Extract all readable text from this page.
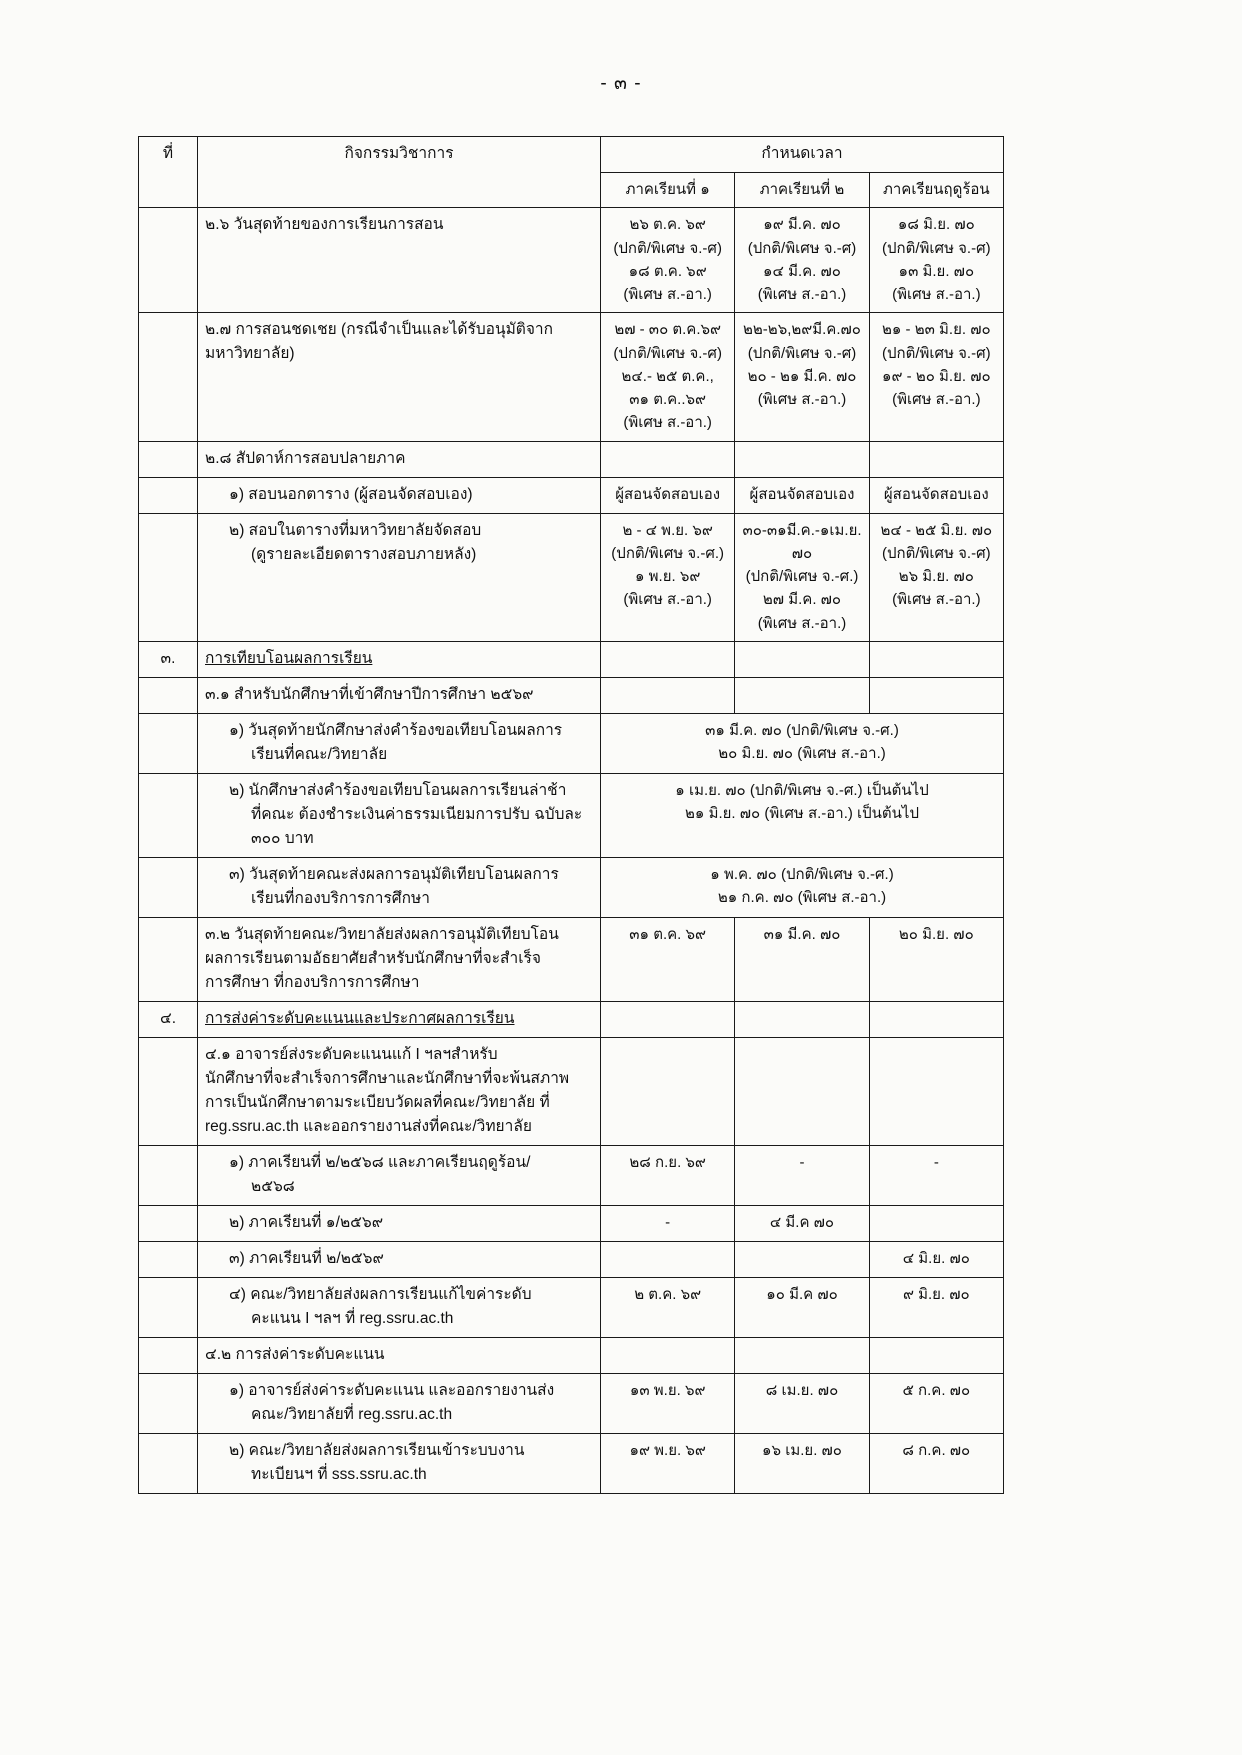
- ๓ -
ที่	กิจกรรมวิชาการ	กำหนดเวลา		
		ภาคเรียนที่ ๑	ภาคเรียนที่ ๒	ภาคเรียนฤดูร้อน

	๒.๖ วันสุดท้ายของการเรียนการสอน	๒๖ ต.ค. ๖๙
(ปกติ/พิเศษ จ.-ศ)
๑๘ ต.ค. ๖๙
(พิเศษ ส.-อา.)	๑๙ มี.ค. ๗๐
(ปกติ/พิเศษ จ.-ศ)
๑๔ มี.ค. ๗๐
(พิเศษ ส.-อา.)	๑๘ มิ.ย. ๗๐
(ปกติ/พิเศษ จ.-ศ)
๑๓ มิ.ย. ๗๐
(พิเศษ ส.-อา.)

	๒.๗ การสอนชดเชย (กรณีจำเป็นและได้รับอนุมัติจาก
มหาวิทยาลัย)	๒๗ - ๓๐ ต.ค.๖๙
(ปกติ/พิเศษ จ.-ศ)
๒๔.- ๒๕ ต.ค.,
๓๑ ต.ค..๖๙
(พิเศษ ส.-อา.)	๒๒-๒๖,๒๙มี.ค.๗๐
(ปกติ/พิเศษ จ.-ศ)
๒๐ - ๒๑ มี.ค. ๗๐
(พิเศษ ส.-อา.)	๒๑ - ๒๓ มิ.ย. ๗๐
(ปกติ/พิเศษ จ.-ศ)
๑๙ - ๒๐ มิ.ย. ๗๐
(พิเศษ ส.-อา.)

	๒.๘ สัปดาห์การสอบปลายภาค			

	๑) สอบนอกตาราง (ผู้สอนจัดสอบเอง)	ผู้สอนจัดสอบเอง	ผู้สอนจัดสอบเอง	ผู้สอนจัดสอบเอง

	๒) สอบในตารางที่มหาวิทยาลัยจัดสอบ
(ดูรายละเอียดตารางสอบภายหลัง)	๒ - ๔ พ.ย. ๖๙
(ปกติ/พิเศษ จ.-ศ.)
๑ พ.ย. ๖๙
(พิเศษ ส.-อา.)	๓๐-๓๑มี.ค.-๑เม.ย.
๗๐
(ปกติ/พิเศษ จ.-ศ.)
๒๗ มี.ค. ๗๐
(พิเศษ ส.-อา.)	๒๔ - ๒๕ มิ.ย. ๗๐
(ปกติ/พิเศษ จ.-ศ)
๒๖ มิ.ย. ๗๐
(พิเศษ ส.-อา.)

๓.	การเทียบโอนผลการเรียน			

	๓.๑ สำหรับนักศึกษาที่เข้าศึกษาปีการศึกษา ๒๕๖๙			

	๑) วันสุดท้ายนักศึกษาส่งคำร้องขอเทียบโอนผลการ
เรียนที่คณะ/วิทยาลัย	๓๑ มี.ค. ๗๐ (ปกติ/พิเศษ จ.-ศ.)
๒๐ มิ.ย. ๗๐ (พิเศษ ส.-อา.)		

	๒) นักศึกษาส่งคำร้องขอเทียบโอนผลการเรียนล่าช้า
ที่คณะ ต้องชำระเงินค่าธรรมเนียมการปรับ ฉบับละ
๓๐๐ บาท	๑ เม.ย. ๗๐ (ปกติ/พิเศษ จ.-ศ.) เป็นต้นไป
๒๑ มิ.ย. ๗๐ (พิเศษ ส.-อา.) เป็นต้นไป		

	๓) วันสุดท้ายคณะส่งผลการอนุมัติเทียบโอนผลการ
เรียนที่กองบริการการศึกษา	๑ พ.ค. ๗๐ (ปกติ/พิเศษ จ.-ศ.)
๒๑ ก.ค. ๗๐ (พิเศษ ส.-อา.)		

	๓.๒ วันสุดท้ายคณะ/วิทยาลัยส่งผลการอนุมัติเทียบโอน
ผลการเรียนตามอัธยาศัยสำหรับนักศึกษาที่จะสำเร็จ
การศึกษา ที่กองบริการการศึกษา	๓๑ ต.ค. ๖๙	๓๑ มี.ค. ๗๐	๒๐ มิ.ย. ๗๐

๔.	การส่งค่าระดับคะแนนและประกาศผลการเรียน			

	๔.๑ อาจารย์ส่งระดับคะแนนแก้ I ฯลฯสำหรับ
นักศึกษาที่จะสำเร็จการศึกษาและนักศึกษาที่จะพ้นสภาพ
การเป็นนักศึกษาตามระเบียบวัดผลที่คณะ/วิทยาลัย ที่
reg.ssru.ac.th และออกรายงานส่งที่คณะ/วิทยาลัย			

	๑) ภาคเรียนที่ ๒/๒๕๖๘ และภาคเรียนฤดูร้อน/
๒๕๖๘	๒๘ ก.ย. ๖๙	-	-

	๒) ภาคเรียนที่ ๑/๒๕๖๙	-	๔ มี.ค ๗๐	

	๓) ภาคเรียนที่ ๒/๒๕๖๙			๔ มิ.ย. ๗๐

	๔) คณะ/วิทยาลัยส่งผลการเรียนแก้ไขค่าระดับ
คะแนน I ฯลฯ ที่ reg.ssru.ac.th	๒ ต.ค. ๖๙	๑๐ มี.ค ๗๐	๙ มิ.ย. ๗๐

	๔.๒ การส่งค่าระดับคะแนน			

	๑) อาจารย์ส่งค่าระดับคะแนน และออกรายงานส่ง
คณะ/วิทยาลัยที่ reg.ssru.ac.th	๑๓ พ.ย. ๖๙	๘ เม.ย. ๗๐	๕ ก.ค. ๗๐

	๒) คณะ/วิทยาลัยส่งผลการเรียนเข้าระบบงาน
ทะเบียนฯ ที่ sss.ssru.ac.th	๑๙ พ.ย. ๖๙	๑๖ เม.ย. ๗๐	๘ ก.ค. ๗๐
